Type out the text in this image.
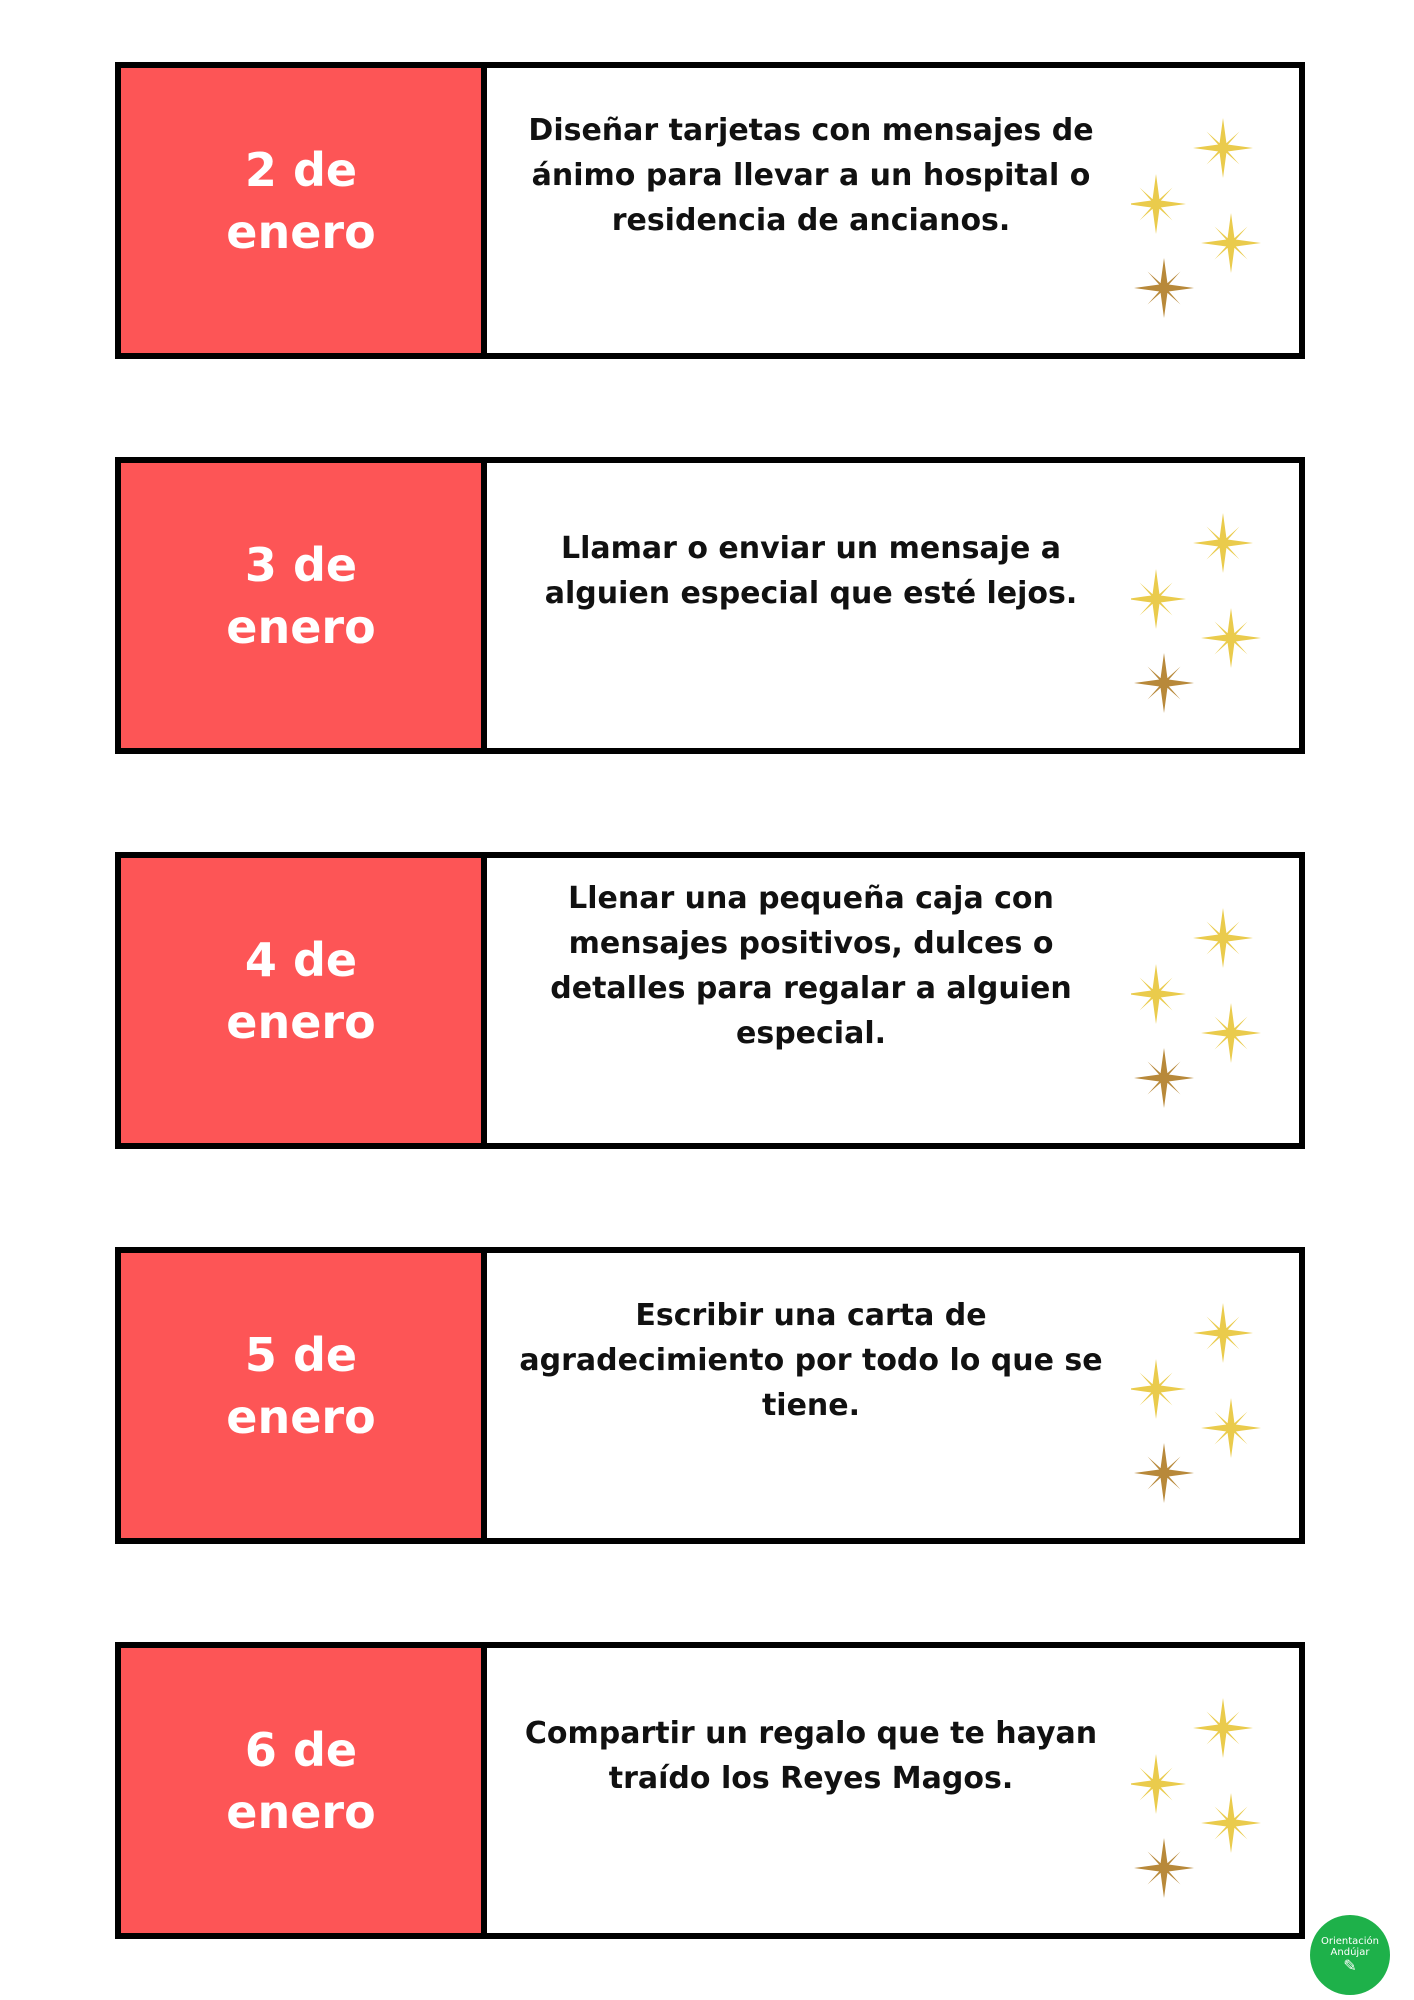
2 de
enero
Diseñar tarjetas con mensajes de ánimo para llevar a un hospital o residencia de ancianos.
3 de
enero
Llamar o enviar un mensaje a alguien especial que esté lejos.
4 de
enero
Llenar una pequeña caja con mensajes positivos, dulces o detalles para regalar a alguien especial.
5 de
enero
Escribir una carta de agradecimiento por todo lo que se tiene.
6 de
enero
Compartir un regalo que te hayan traído los Reyes Magos.
Orientación
Andújar
✎
